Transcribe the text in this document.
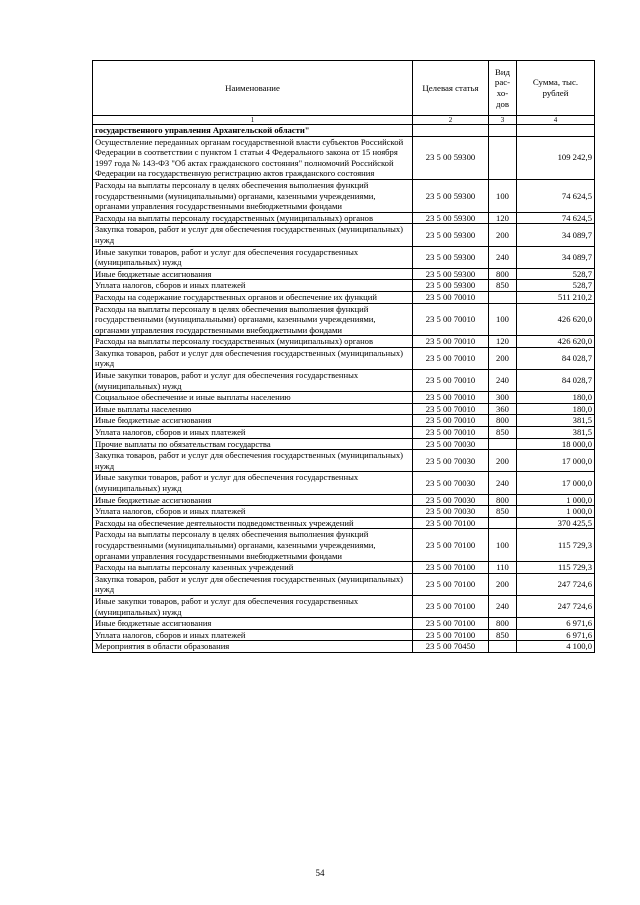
Наименование	Целевая статья	Вид рас- хо- дов	Сумма, тыс. рублей
1	2	3	4
государственного управления Архангельской области"			
Осуществление переданных органам государственной власти субъектов Российской Федерации в соответствии с пунктом 1 статьи 4 Федерального закона от 15 ноября 1997 года № 143-ФЗ "Об актах гражданского состояния" полномочий Российской Федерации на государственную регистрацию актов гражданского состояния	23 5 00 59300		109 242,9
Расходы на выплаты персоналу в целях обеспечения выполнения функций государственными (муниципальными) органами, казенными учреждениями, органами управления государственными внебюджетными фондами	23 5 00 59300	100	74 624,5
Расходы на выплаты персоналу государственных (муниципальных) органов	23 5 00 59300	120	74 624,5
Закупка товаров, работ и услуг для обеспечения государственных (муниципальных) нужд	23 5 00 59300	200	34 089,7
Иные закупки товаров, работ и услуг для обеспечения государственных (муниципальных) нужд	23 5 00 59300	240	34 089,7
Иные бюджетные ассигнования	23 5 00 59300	800	528,7
Уплата налогов, сборов и иных платежей	23 5 00 59300	850	528,7
Расходы на содержание государственных органов и обеспечение их функций	23 5 00 70010		511 210,2
Расходы на выплаты персоналу в целях обеспечения выполнения функций государственными (муниципальными) органами, казенными учреждениями, органами управления государственными внебюджетными фондами	23 5 00 70010	100	426 620,0
Расходы на выплаты персоналу государственных (муниципальных) органов	23 5 00 70010	120	426 620,0
Закупка товаров, работ и услуг для обеспечения государственных (муниципальных) нужд	23 5 00 70010	200	84 028,7
Иные закупки товаров, работ и услуг для обеспечения государственных (муниципальных) нужд	23 5 00 70010	240	84 028,7
Социальное обеспечение и иные выплаты населению	23 5 00 70010	300	180,0
Иные выплаты населению	23 5 00 70010	360	180,0
Иные бюджетные ассигнования	23 5 00 70010	800	381,5
Уплата налогов, сборов и иных платежей	23 5 00 70010	850	381,5
Прочие выплаты по обязательствам государства	23 5 00 70030		18 000,0
Закупка товаров, работ и услуг для обеспечения государственных (муниципальных) нужд	23 5 00 70030	200	17 000,0
Иные закупки товаров, работ и услуг для обеспечения государственных (муниципальных) нужд	23 5 00 70030	240	17 000,0
Иные бюджетные ассигнования	23 5 00 70030	800	1 000,0
Уплата налогов, сборов и иных платежей	23 5 00 70030	850	1 000,0
Расходы на обеспечение деятельности подведомственных учреждений	23 5 00 70100		370 425,5
Расходы на выплаты персоналу в целях обеспечения выполнения функций государственными (муниципальными) органами, казенными учреждениями, органами управления государственными внебюджетными фондами	23 5 00 70100	100	115 729,3
Расходы на выплаты персоналу казенных учреждений	23 5 00 70100	110	115 729,3
Закупка товаров, работ и услуг для обеспечения государственных (муниципальных) нужд	23 5 00 70100	200	247 724,6
Иные закупки товаров, работ и услуг для обеспечения государственных (муниципальных) нужд	23 5 00 70100	240	247 724,6
Иные бюджетные ассигнования	23 5 00 70100	800	6 971,6
Уплата налогов, сборов и иных платежей	23 5 00 70100	850	6 971,6
Мероприятия в области образования	23 5 00 70450		4 100,0
54
